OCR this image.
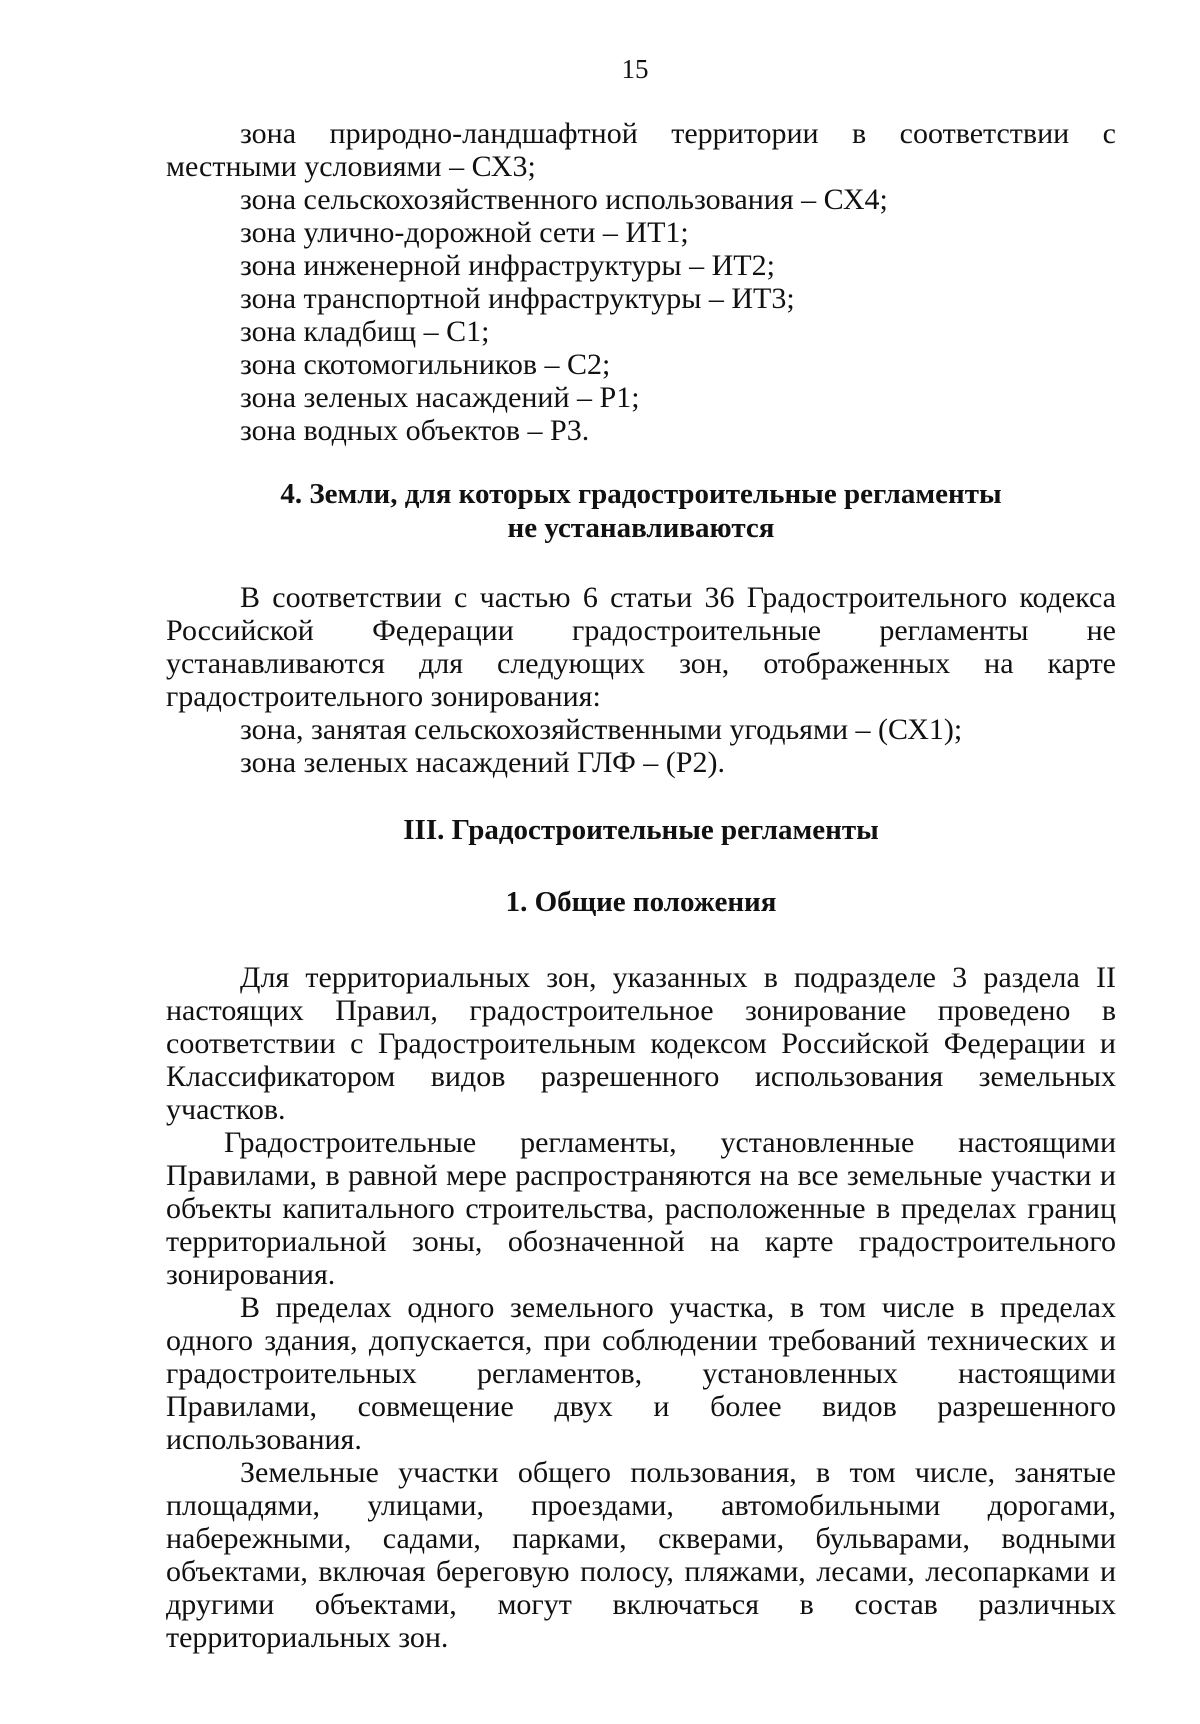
15
зона природно-ландшафтной территории в соответствии с местными условиями – СХ3;
зона сельскохозяйственного использования – СХ4;
зона улично-дорожной сети – ИТ1;
зона инженерной инфраструктуры – ИТ2;
зона транспортной инфраструктуры – ИТ3;
зона кладбищ – С1;
зона скотомогильников – С2;
зона зеленых насаждений – Р1;
зона водных объектов – Р3.
4. Земли, для которых градостроительные регламенты
не устанавливаются
В соответствии с частью 6 статьи 36 Градостроительного кодекса Российской Федерации градостроительные регламенты не устанавливаются для следующих зон, отображенных на карте градостроительного зонирования:
зона, занятая сельскохозяйственными угодьями – (СХ1);
зона зеленых насаждений ГЛФ – (Р2).
III. Градостроительные регламенты
1. Общие положения
Для территориальных зон, указанных в подразделе 3 раздела II настоящих Правил, градостроительное зонирование проведено в соответствии с Градостроительным кодексом Российской Федерации и Классификатором видов разрешенного использования земельных участков.
Градостроительные регламенты, установленные настоящими Правилами, в равной мере распространяются на все земельные участки и объекты капитального строительства, расположенные в пределах границ территориальной зоны, обозначенной на карте градостроительного зонирования.
В пределах одного земельного участка, в том числе в пределах одного здания, допускается, при соблюдении требований технических и градостроительных регламентов, установленных настоящими Правилами, совмещение двух и более видов разрешенного использования.
Земельные участки общего пользования, в том числе, занятые площадями, улицами, проездами, автомобильными дорогами, набережными, садами, парками, скверами, бульварами, водными объектами, включая береговую полосу, пляжами, лесами, лесопарками и другими объектами, могут включаться в состав различных территориальных зон.
